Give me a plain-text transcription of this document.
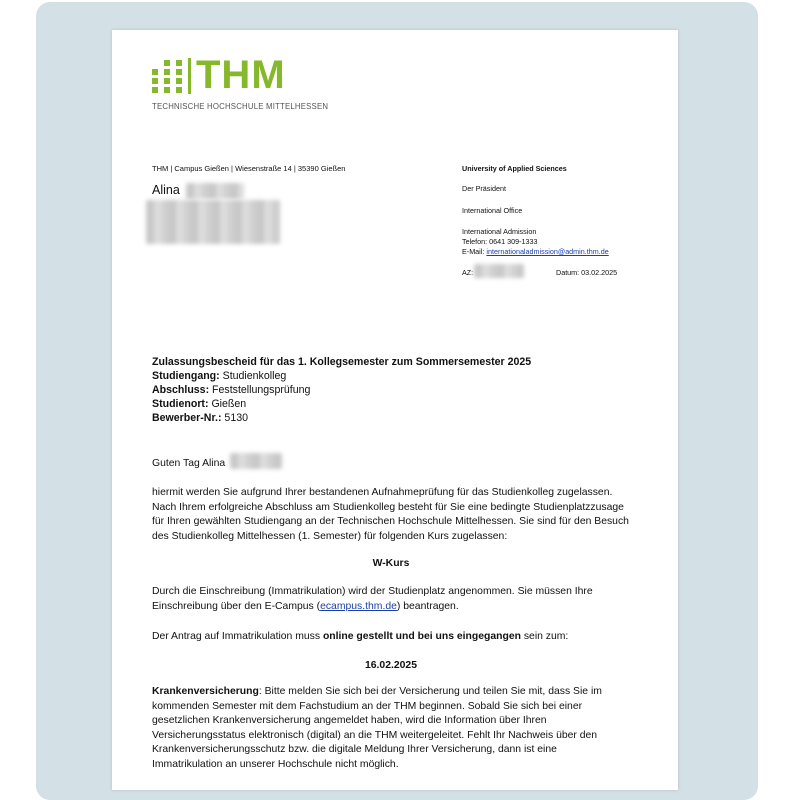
THM
TECHNISCHE HOCHSCHULE MITTELHESSEN
THM | Campus Gießen | Wiesenstraße 14 | 35390 Gießen
Alina
University of Applied Sciences
Der Präsident
International Office
International Admission
Telefon: 0641 309-1333
E-Mail: internationaladmission@admin.thm.de
AZ:	Datum: 03.02.2025
Zulassungsbescheid für das 1. Kollegsemester zum Sommersemester 2025
Studiengang: Studienkolleg
Abschluss: Feststellungsprüfung
Studienort: Gießen
Bewerber-Nr.: 5130
Guten Tag Alina
hiermit werden Sie aufgrund Ihrer bestandenen Aufnahmeprüfung für das Studienkolleg zugelassen. Nach Ihrem erfolgreiche Abschluss am Studienkolleg besteht für Sie eine bedingte Studienplatzzusage für Ihren gewählten Studiengang an der Technischen Hochschule Mittelhessen. Sie sind für den Besuch des Studienkolleg Mittelhessen (1. Semester) für folgenden Kurs zugelassen:
W-Kurs
Durch die Einschreibung (Immatrikulation) wird der Studienplatz angenommen. Sie müssen Ihre Einschreibung über den E-Campus (ecampus.thm.de) beantragen.
Der Antrag auf Immatrikulation muss online gestellt und bei uns eingegangen sein zum:
16.02.2025
Krankenversicherung: Bitte melden Sie sich bei der Versicherung und teilen Sie mit, dass Sie im kommenden Semester mit dem Fachstudium an der THM beginnen. Sobald Sie sich bei einer gesetzlichen Krankenversicherung angemeldet haben, wird die Information über Ihren Versicherungsstatus elektronisch (digital) an die THM weitergeleitet. Fehlt Ihr Nachweis über den Krankenversicherungsschutz bzw. die digitale Meldung Ihrer Versicherung, dann ist eine Immatrikulation an unserer Hochschule nicht möglich.
